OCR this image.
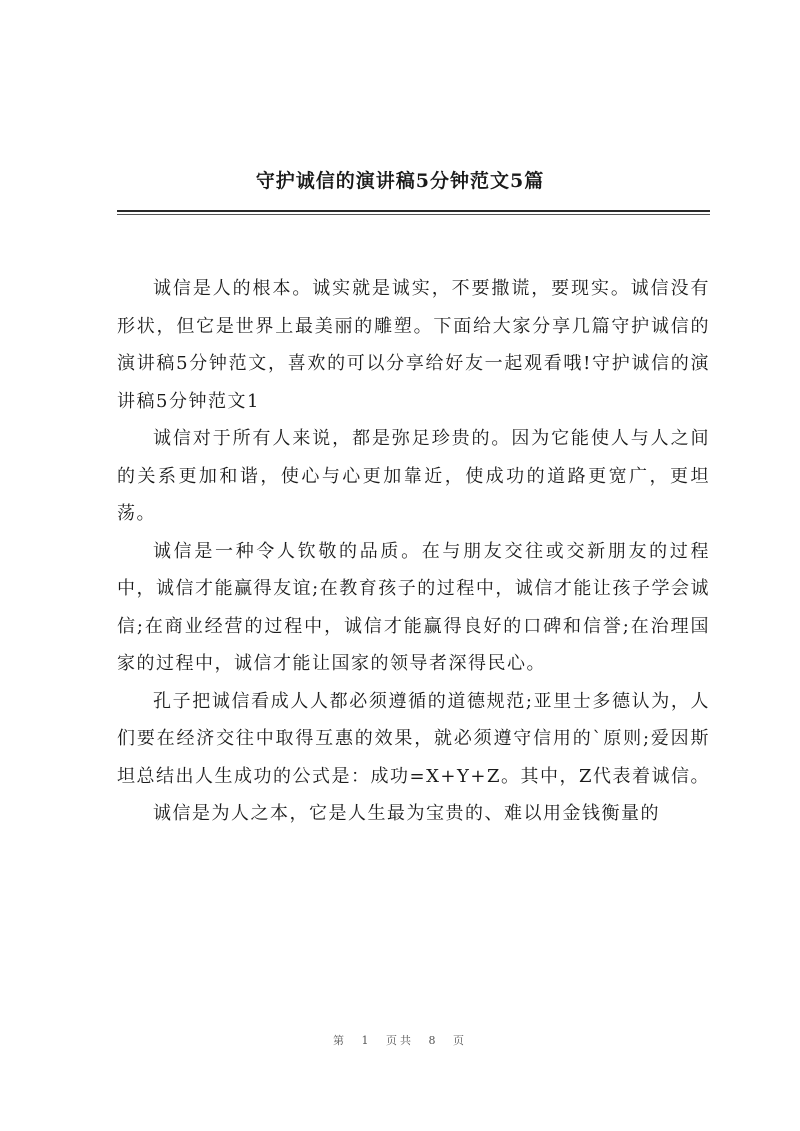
守护诚信的演讲稿5分钟范文5篇

诚信是人的根本。诚实就是诚实，不要撒谎，要现实。诚信没有形状，但它是世界上最美丽的雕塑。下面给大家分享几篇守护诚信的演讲稿5分钟范文，喜欢的可以分享给好友一起观看哦!守护诚信的演讲稿5分钟范文1

诚信对于所有人来说，都是弥足珍贵的。因为它能使人与人之间的关系更加和谐，使心与心更加靠近，使成功的道路更宽广，更坦荡。

诚信是一种令人钦敬的品质。在与朋友交往或交新朋友的过程中，诚信才能赢得友谊;在教育孩子的过程中，诚信才能让孩子学会诚信;在商业经营的过程中，诚信才能赢得良好的口碑和信誉;在治理国家的过程中，诚信才能让国家的领导者深得民心。

孔子把诚信看成人人都必须遵循的道德规范;亚里士多德认为，人们要在经济交往中取得互惠的效果，就必须遵守信用的`原则;爱因斯坦总结出人生成功的公式是：成功=X+Y+Z。其中，Z代表着诚信。

诚信是为人之本，它是人生最为宝贵的、难以用金钱衡量的

第 1 页共 8 页
